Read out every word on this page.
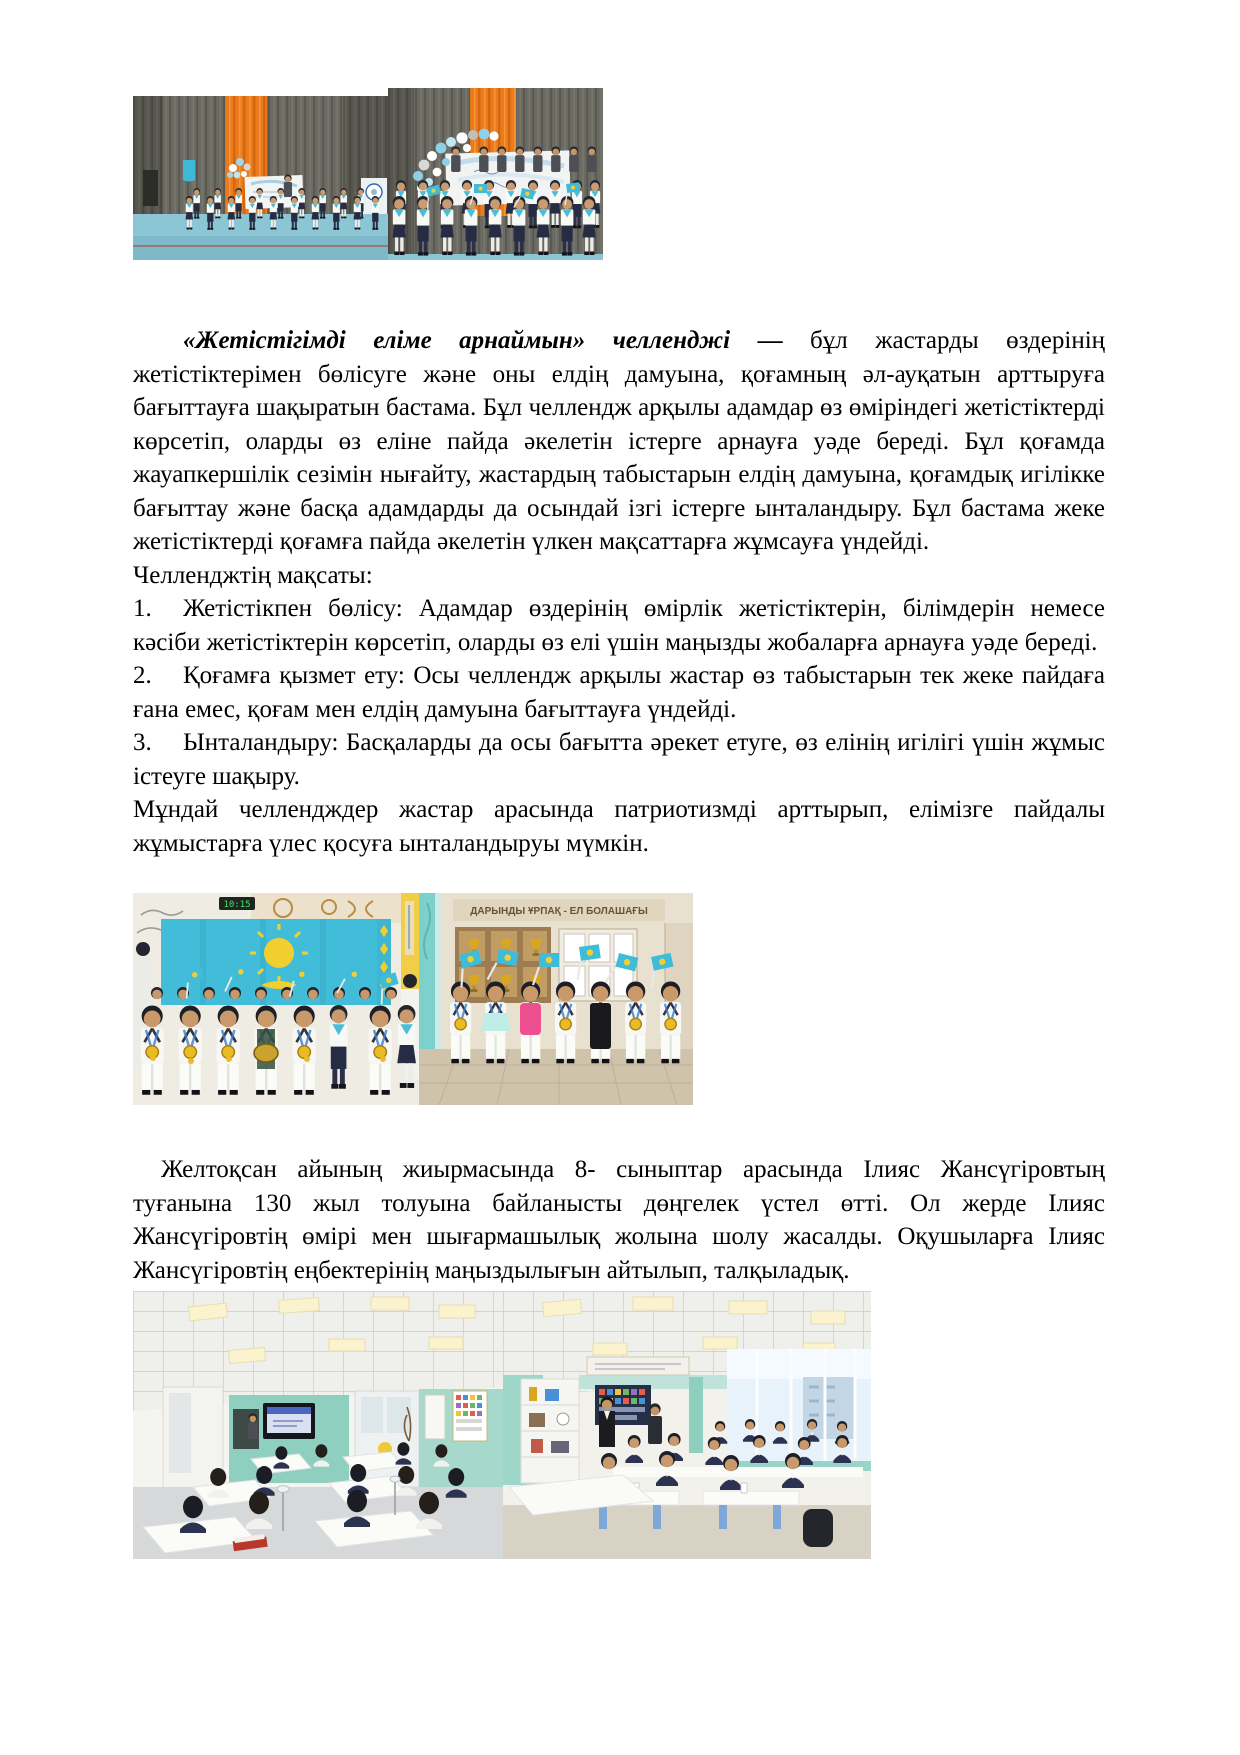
«Жетістігімді еліме арнаймын» челленджі — бұл жастарды өздерінің жетістіктерімен бөлісуге және оны елдің дамуына, қоғамның әл-ауқатын арттыруға бағыттауға шақыратын бастама. Бұл челлендж арқылы адамдар өз өміріндегі жетістіктерді көрсетіп, оларды өз еліне пайда әкелетін істерге арнауға уәде береді. Бұл қоғамда жауапкершілік сезімін нығайту, жастардың табыстарын елдің дамуына, қоғамдық игілікке бағыттау және басқа адамдарды да осындай ізгі істерге ынталандыру. Бұл бастама жеке жетістіктерді қоғамға пайда әкелетін үлкен мақсаттарға жұмсауға үндейді.

Челленджтің мақсаты:

1. Жетістікпен бөлісу: Адамдар өздерінің өмірлік жетістіктерін, білімдерін немесе кәсіби жетістіктерін көрсетіп, оларды өз елі үшін маңызды жобаларға арнауға уәде береді.

2. Қоғамға қызмет ету: Осы челлендж арқылы жастар өз табыстарын тек жеке пайдаға ғана емес, қоғам мен елдің дамуына бағыттауға үндейді.

3. Ынталандыру: Басқаларды да осы бағытта әрекет етуге, өз елінің игілігі үшін жұмыс істеуге шақыру.

Мұндай челлендждер жастар арасында патриотизмді арттырып, елімізге пайдалы жұмыстарға үлес қосуға ынталандыруы мүмкін.

10:15
ДАРЫНДЫ ҰРПАҚ - ЕЛ БОЛАШАҒЫ

Желтоқсан айының жиырмасында 8- сыныптар арасында Ілияс Жансүгіровтың туғанына 130 жыл толуына байланысты дөңгелек үстел өтті. Ол жерде Ілияс Жансүгіровтің өмірі мен шығармашылық жолына шолу жасалды. Оқушыларға Ілияс Жансүгіровтің еңбектерінің маңыздылығын айтылып, талқыладық.
